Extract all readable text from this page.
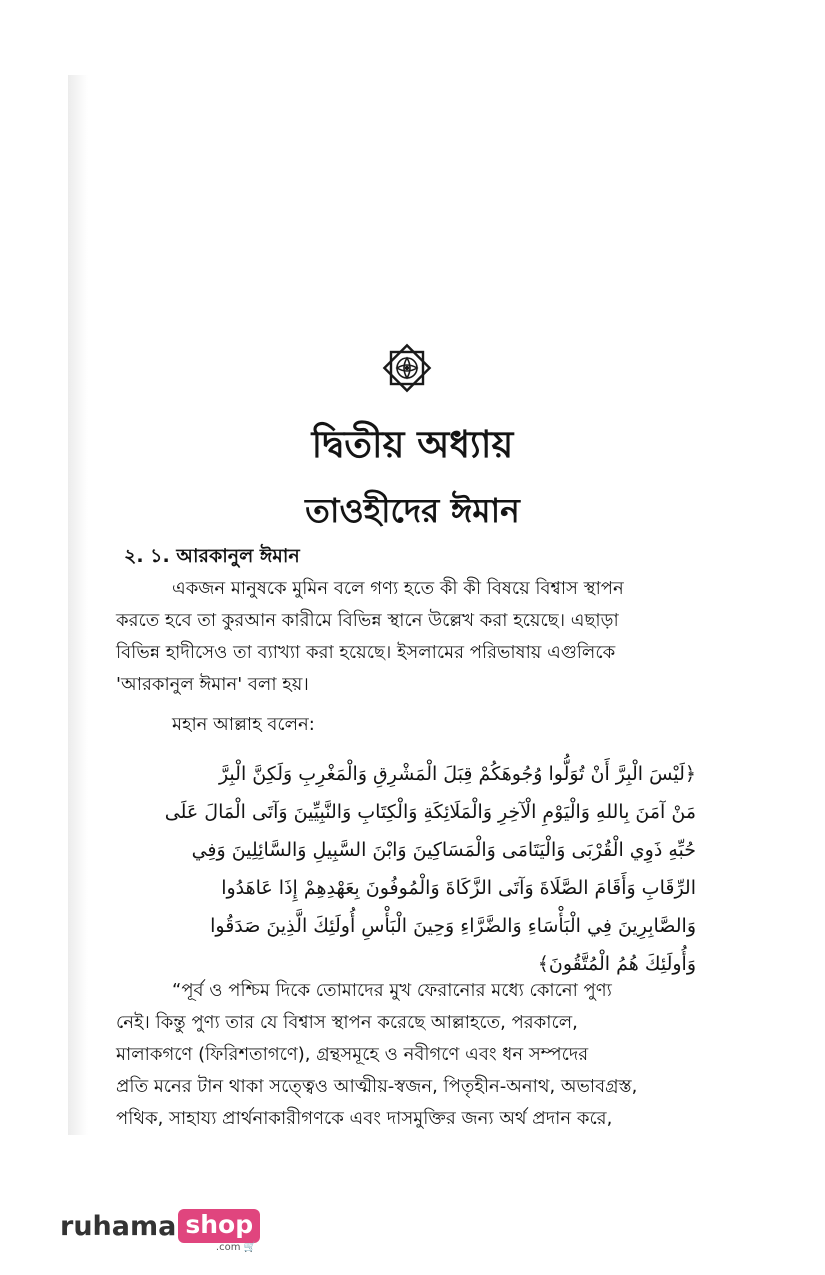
দ্বিতীয় অধ্যায়
তাওহীদের ঈমান
২. ১. আরকানুল ঈমান
একজন মানুষকে মুমিন বলে গণ্য হতে কী কী বিষয়ে বিশ্বাস স্থাপন
করতে হবে তা কুরআন কারীমে বিভিন্ন স্থানে উল্লেখ করা হয়েছে। এছাড়া
বিভিন্ন হাদীসেও তা ব্যাখ্যা করা হয়েছে। ইসলামের পরিভাষায় এগুলিকে
'আরকানুল ঈমান' বলা হয়।
মহান আল্লাহ বলেন:
﴿لَيْسَ الْبِرَّ أَنْ تُوَلُّوا وُجُوهَكُمْ قِبَلَ الْمَشْرِقِ وَالْمَغْرِبِ وَلَكِنَّ الْبِرَّ
مَنْ آمَنَ بِاللهِ وَالْيَوْمِ الْآخِرِ وَالْمَلَائِكَةِ وَالْكِتَابِ وَالنَّبِيِّينَ وَآتَى الْمَالَ عَلَى
حُبِّهِ ذَوِي الْقُرْبَى وَالْيَتَامَى وَالْمَسَاكِينَ وَابْنَ السَّبِيلِ وَالسَّائِلِينَ وَفِي
الرِّقَابِ وَأَقَامَ الصَّلَاةَ وَآتَى الزَّكَاةَ وَالْمُوفُونَ بِعَهْدِهِمْ إِذَا عَاهَدُوا
وَالصَّابِرِينَ فِي الْبَأْسَاءِ وَالضَّرَّاءِ وَحِينَ الْبَأْسِ أُولَئِكَ الَّذِينَ صَدَقُوا
وَأُولَئِكَ هُمُ الْمُتَّقُونَ﴾
“পূর্ব ও পশ্চিম দিকে তোমাদের মুখ ফেরানোর মধ্যে কোনো পুণ্য
নেই। কিন্তু পুণ্য তার যে বিশ্বাস স্থাপন করেছে আল্লাহতে, পরকালে,
মালাকগণে (ফিরিশতাগণে), গ্রন্থসমূহে ও নবীগণে এবং ধন সম্পদের
প্রতি মনের টান থাকা সত্ত্বেও আত্মীয়-স্বজন, পিতৃহীন-অনাথ, অভাবগ্রস্ত,
পথিক, সাহায্য প্রার্থনাকারীগণকে এবং দাসমুক্তির জন্য অর্থ প্রদান করে,
ruhama shop
.com 🛒
